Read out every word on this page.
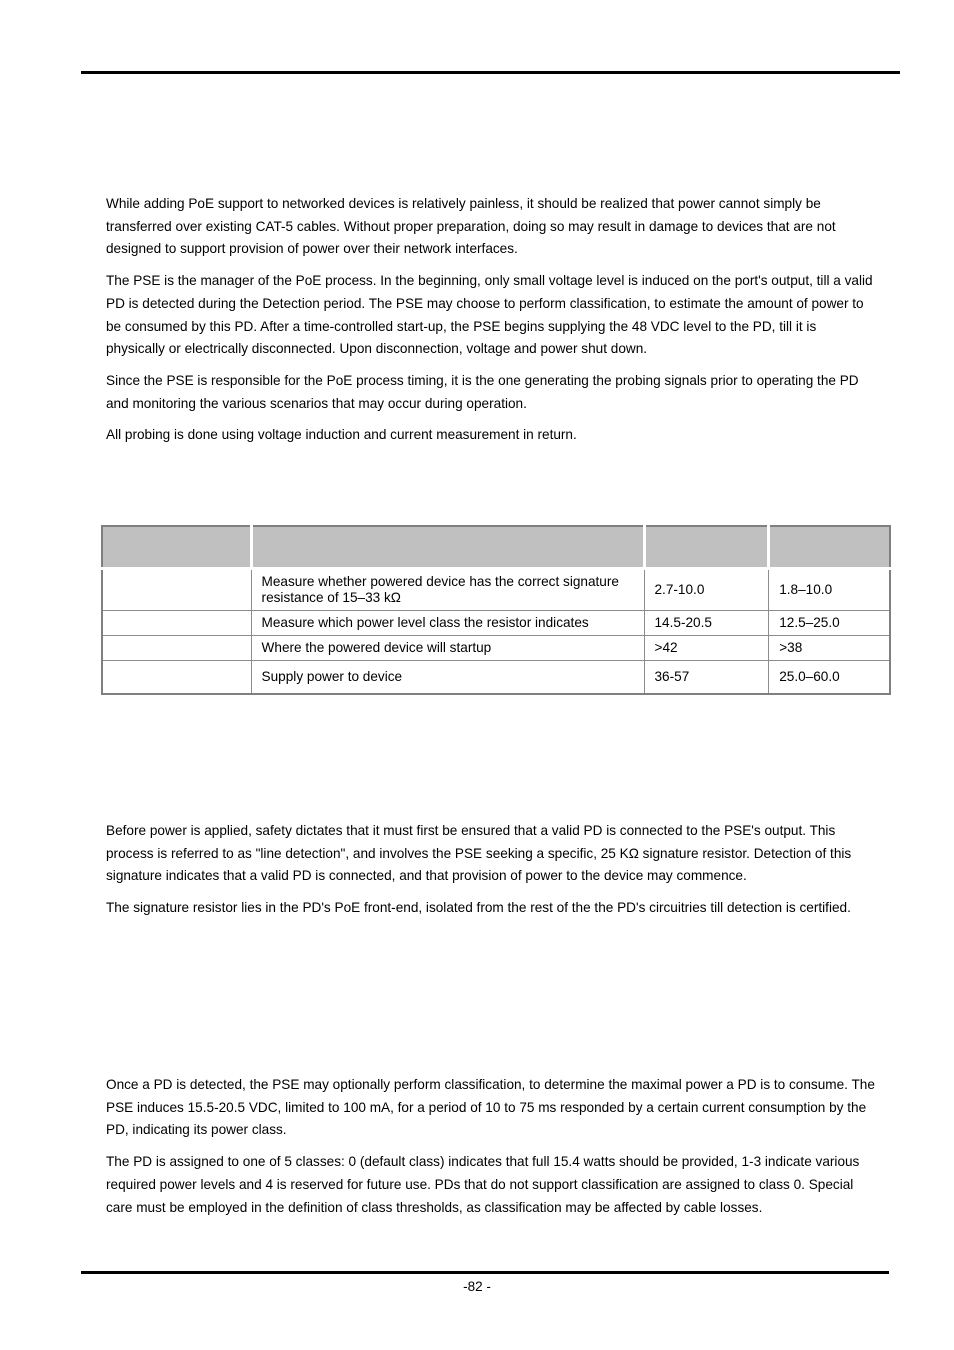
While adding PoE support to networked devices is relatively painless, it should be realized that power cannot simply be transferred over existing CAT-5 cables. Without proper preparation, doing so may result in damage to devices that are not designed to support provision of power over their network interfaces.

The PSE is the manager of the PoE process. In the beginning, only small voltage level is induced on the port's output, till a valid PD is detected during the Detection period. The PSE may choose to perform classification, to estimate the amount of power to be consumed by this PD. After a time-controlled start-up, the PSE begins supplying the 48 VDC level to the PD, till it is physically or electrically disconnected. Upon disconnection, voltage and power shut down.

Since the PSE is responsible for the PoE process timing, it is the one generating the probing signals prior to operating the PD and monitoring the various scenarios that may occur during operation.

All probing is done using voltage induction and current measurement in return.

	Measure whether powered device has the correct signature resistance of 15–33 kΩ	2.7-10.0	1.8–10.0
	Measure which power level class the resistor indicates	14.5-20.5	12.5–25.0
	Where the powered device will startup	>42	>38
	Supply power to device	36-57	25.0–60.0

Before power is applied, safety dictates that it must first be ensured that a valid PD is connected to the PSE's output. This process is referred to as "line detection", and involves the PSE seeking a specific, 25 KΩ signature resistor. Detection of this signature indicates that a valid PD is connected, and that provision of power to the device may commence.

The signature resistor lies in the PD's PoE front-end, isolated from the rest of the the PD's circuitries till detection is certified.

Once a PD is detected, the PSE may optionally perform classification, to determine the maximal power a PD is to consume. The PSE induces 15.5-20.5 VDC, limited to 100 mA, for a period of 10 to 75 ms responded by a certain current consumption by the PD, indicating its power class.

The PD is assigned to one of 5 classes: 0 (default class) indicates that full 15.4 watts should be provided, 1-3 indicate various required power levels and 4 is reserved for future use. PDs that do not support classification are assigned to class 0. Special care must be employed in the definition of class thresholds, as classification may be affected by cable losses.

-82 -
